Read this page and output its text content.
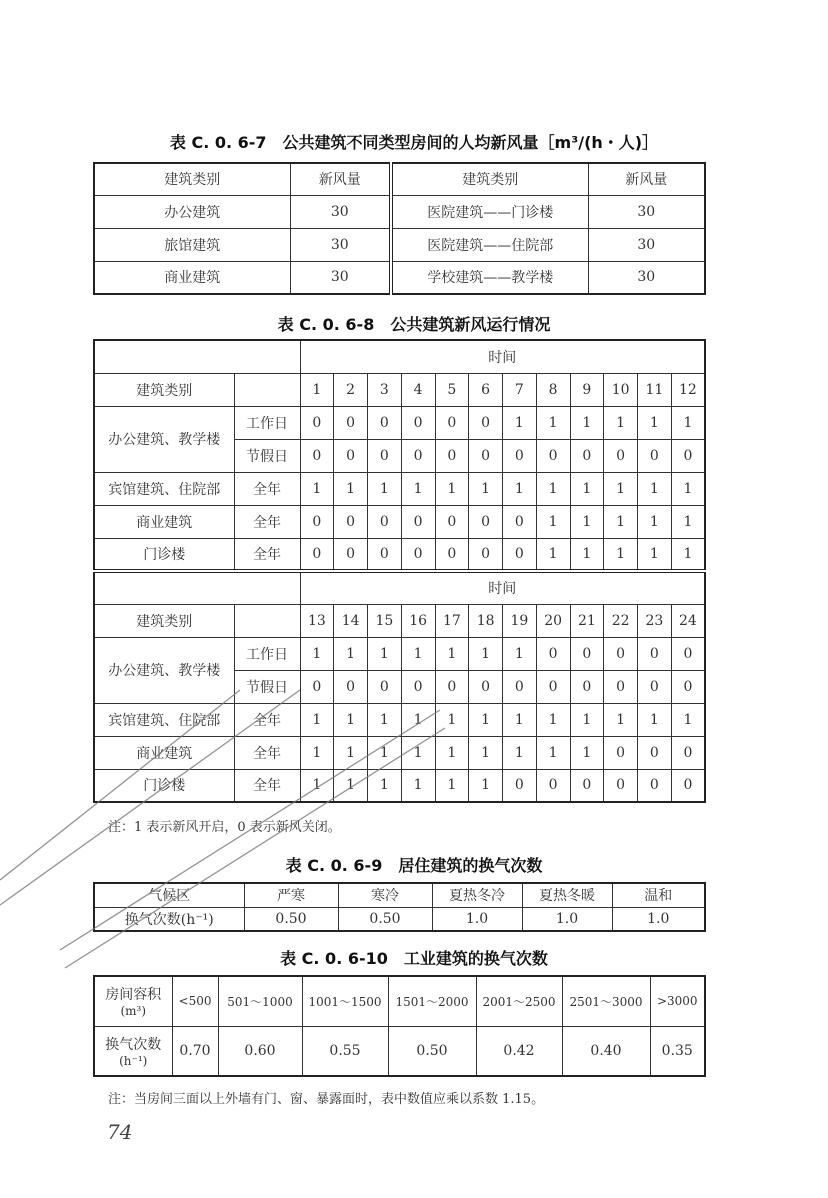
表 C. 0. 6-7　公共建筑不同类型房间的人均新风量［m³/(h・人)］
建筑类别	新风量	建筑类别	新风量
办公建筑	30	医院建筑——门诊楼	30
旅馆建筑	30	医院建筑——住院部	30
商业建筑	30	学校建筑——教学楼	30
表 C. 0. 6-8　公共建筑新风运行情况
		时间											
建筑类别		1	2	3	4	5	6	7	8	9	10	11	12
办公建筑、教学楼	工作日	0	0	0	0	0	0	1	1	1	1	1	1
	节假日	0	0	0	0	0	0	0	0	0	0	0	0
宾馆建筑、住院部	全年	1	1	1	1	1	1	1	1	1	1	1	1
商业建筑	全年	0	0	0	0	0	0	0	1	1	1	1	1
门诊楼	全年	0	0	0	0	0	0	0	1	1	1	1	1
		时间											
建筑类别		13	14	15	16	17	18	19	20	21	22	23	24
办公建筑、教学楼	工作日	1	1	1	1	1	1	1	0	0	0	0	0
	节假日	0	0	0	0	0	0	0	0	0	0	0	0
宾馆建筑、住院部	全年	1	1	1	1	1	1	1	1	1	1	1	1
商业建筑	全年	1	1	1	1	1	1	1	1	1	0	0	0
门诊楼	全年	1	1	1	1	1	1	0	0	0	0	0	0
注：1 表示新风开启，0 表示新风关闭。
表 C. 0. 6-9　居住建筑的换气次数
气候区	严寒	寒冷	夏热冬冷	夏热冬暖	温和
换气次数(h⁻¹)	0.50	0.50	1.0	1.0	1.0
表 C. 0. 6-10　工业建筑的换气次数
房间容积
(m³)	<500	501～1000	1001～1500	1501～2000	2001～2500	2501～3000	>3000

换气次数
(h⁻¹)	0.70	0.60	0.55	0.50	0.42	0.40	0.35
注：当房间三面以上外墙有门、窗、暴露面时，表中数值应乘以系数 1.15。
74
